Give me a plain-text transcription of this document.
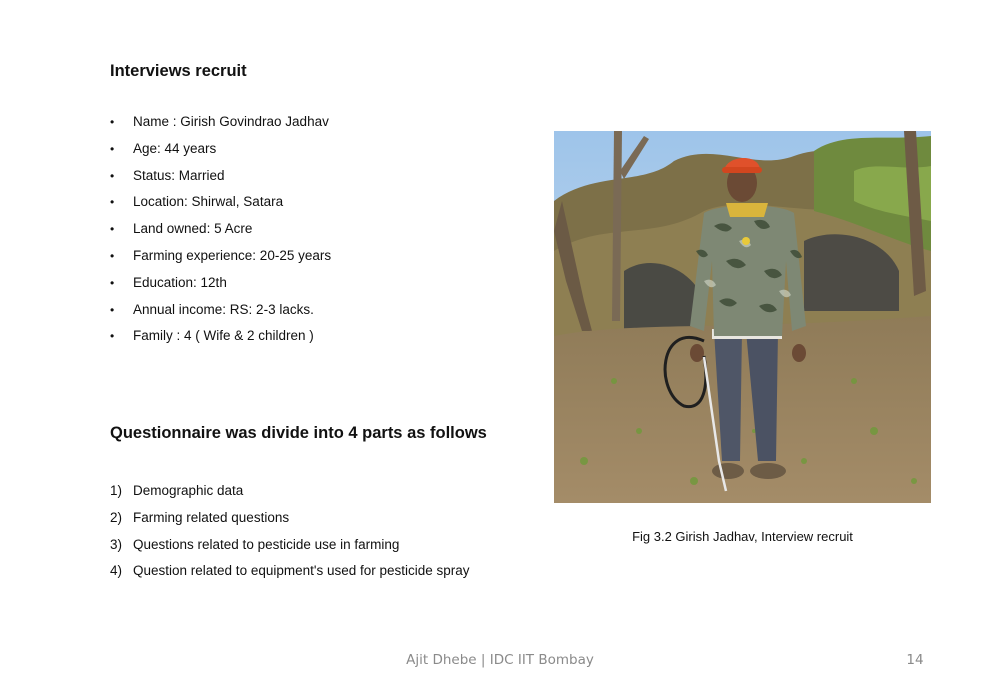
Interviews recruit
•	Name : Girish Govindrao Jadhav
•	Age: 44 years
•	Status: Married
•	Location: Shirwal, Satara
•	Land owned: 5 Acre
•	Farming experience: 20-25 years
•	Education: 12th
•	Annual income: RS: 2-3 lacks.
•	Family : 4 ( Wife & 2 children )
Questionnaire was divide into 4 parts as follows
1) Demographic data
2) Farming related questions
3) Questions related to pesticide use in farming
4) Question related to equipment's used for pesticide spray
Fig 3.2 Girish Jadhav, Interview recruit
Ajit Dhebe | IDC IIT Bombay	14
